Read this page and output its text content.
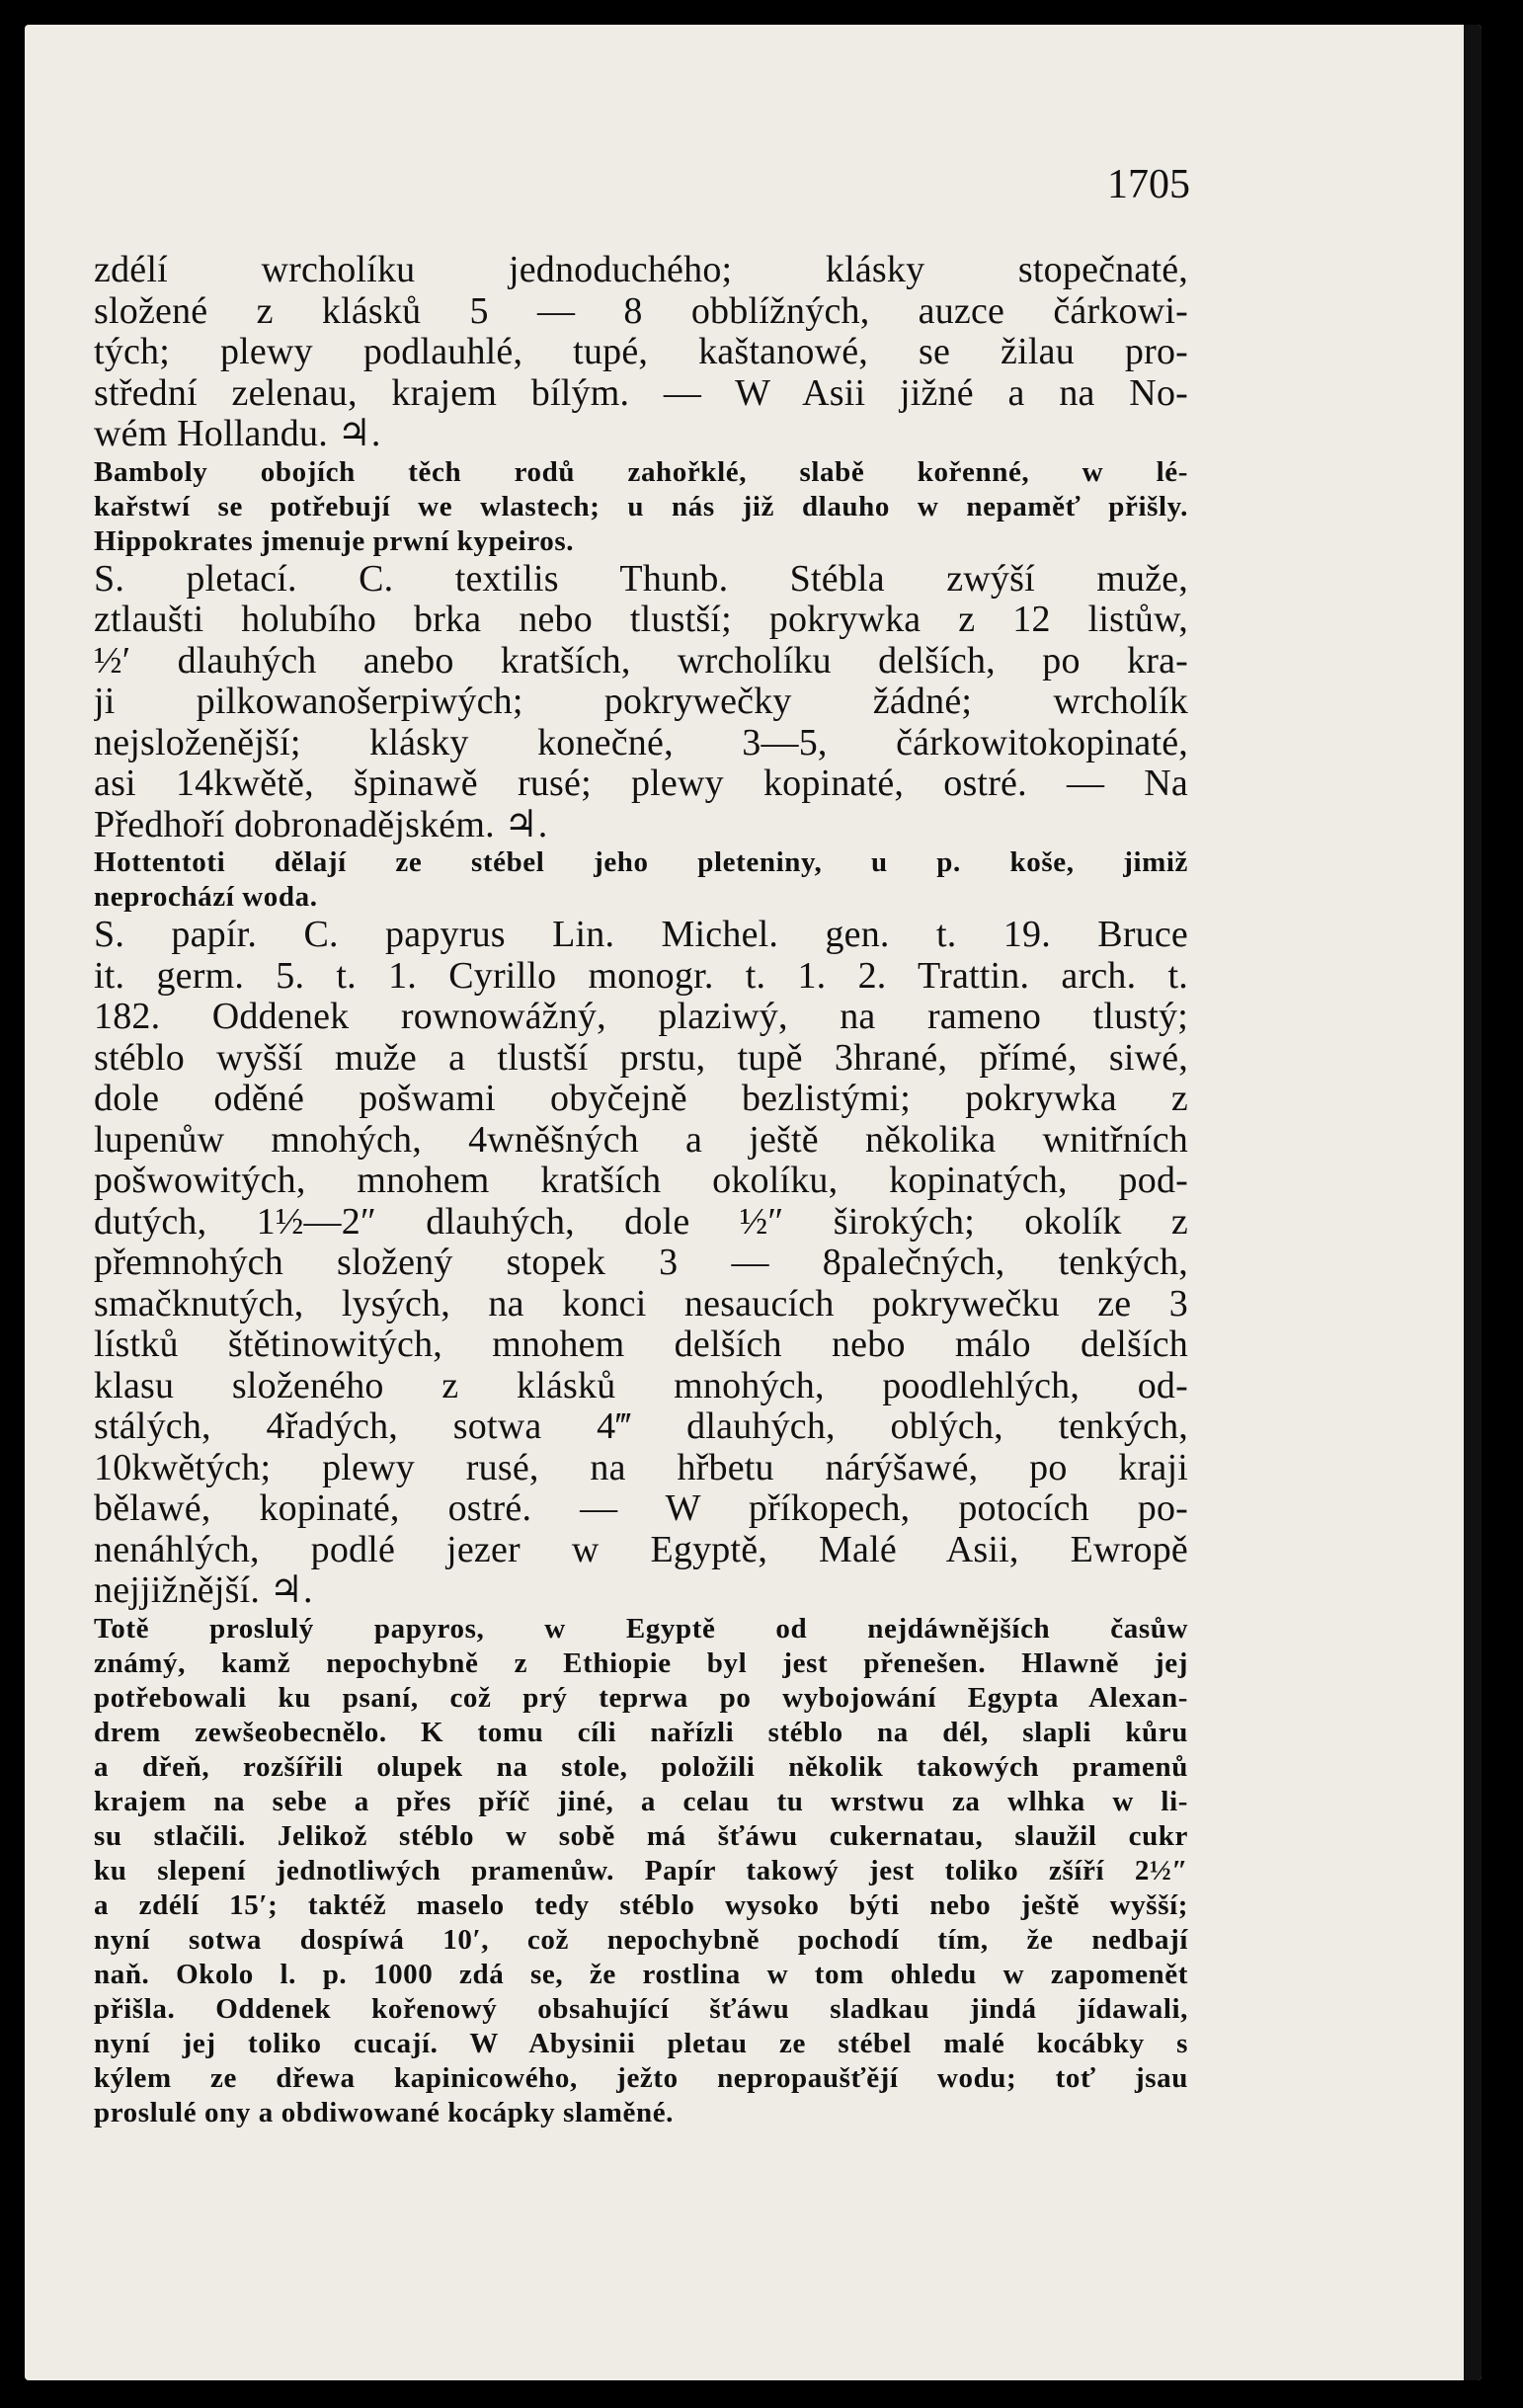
1705
zdélí wrcholíku jednoduchého; klásky stopečnaté,
složené z klásků 5 — 8 obblížných, auzce čárkowi-
tých; plewy podlauhlé, tupé, kaštanowé, se žilau pro-
střední zelenau, krajem bílým. — W Asii jižné a na No-
wém Hollandu. ♃.
Bamboly obojích těch rodů zahořklé, slabě kořenné, w lé-
kařstwí se potřebují we wlastech; u nás již dlauho w nepaměť přišly.
Hippokrates jmenuje prwní kypeiros.
S. pletací. C. textilis Thunb. Stébla zwýší muže,
ztlaušti holubího brka nebo tlustší; pokrywka z 12 listůw,
½′ dlauhých anebo kratších, wrcholíku delších, po kra-
ji pilkowanošerpiwých; pokrywečky žádné; wrcholík
nejsloženější; klásky konečné, 3—5, čárkowitokopinaté,
asi 14kwětě, špinawě rusé; plewy kopinaté, ostré. — Na
Předhoří dobronadějském. ♃.
Hottentoti dělají ze stébel jeho pleteniny, u p. koše, jimiž
neprochází woda.
S. papír. C. papyrus Lin. Michel. gen. t. 19. Bruce
it. germ. 5. t. 1. Cyrillo monogr. t. 1. 2. Trattin. arch. t.
182. Oddenek rownowážný, plaziwý, na rameno tlustý;
stéblo wyšší muže a tlustší prstu, tupě 3hrané, přímé, siwé,
dole oděné pošwami obyčejně bezlistými; pokrywka z
lupenůw mnohých, 4wněšných a ještě několika wnitřních
pošwowitých, mnohem kratších okolíku, kopinatých, pod-
dutých, 1½—2″ dlauhých, dole ½″ širokých; okolík z
přemnohých složený stopek 3 — 8palečných, tenkých,
smačknutých, lysých, na konci nesaucích pokrywečku ze 3
lístků štětinowitých, mnohem delších nebo málo delších
klasu složeného z klásků mnohých, poodlehlých, od-
stálých, 4řadých, sotwa 4‴ dlauhých, oblých, tenkých,
10kwětých; plewy rusé, na hřbetu nárýšawé, po kraji
bělawé, kopinaté, ostré. — W příkopech, potocích po-
nenáhlých, podlé jezer w Egyptě, Malé Asii, Ewropě
nejjižnější. ♃.
Totě proslulý papyros, w Egyptě od nejdáwnějších časůw
známý, kamž nepochybně z Ethiopie byl jest přenešen. Hlawně jej
potřebowali ku psaní, což prý teprwa po wybojowání Egypta Alexan-
drem zewšeobecnělo. K tomu cíli nařízli stéblo na dél, slapli kůru
a dřeň, rozšířili olupek na stole, položili několik takowých pramenů
krajem na sebe a přes příč jiné, a celau tu wrstwu za wlhka w li-
su stlačili. Jelikož stéblo w sobě má šťáwu cukernatau, slaužil cukr
ku slepení jednotliwých pramenůw. Papír takowý jest toliko zšíří 2½″
a zdélí 15′; taktéž maselo tedy stéblo wysoko býti nebo ještě wyšší;
nyní sotwa dospíwá 10′, což nepochybně pochodí tím, že nedbají
naň. Okolo l. p. 1000 zdá se, že rostlina w tom ohledu w zapomenět
přišla. Oddenek kořenowý obsahující šťáwu sladkau jindá jídawali,
nyní jej toliko cucají. W Abysinii pletau ze stébel malé kocábky s
kýlem ze dřewa kapinicowého, ježto nepropaušťějí wodu; toť jsau
proslulé ony a obdiwowané kocápky slaměné.
